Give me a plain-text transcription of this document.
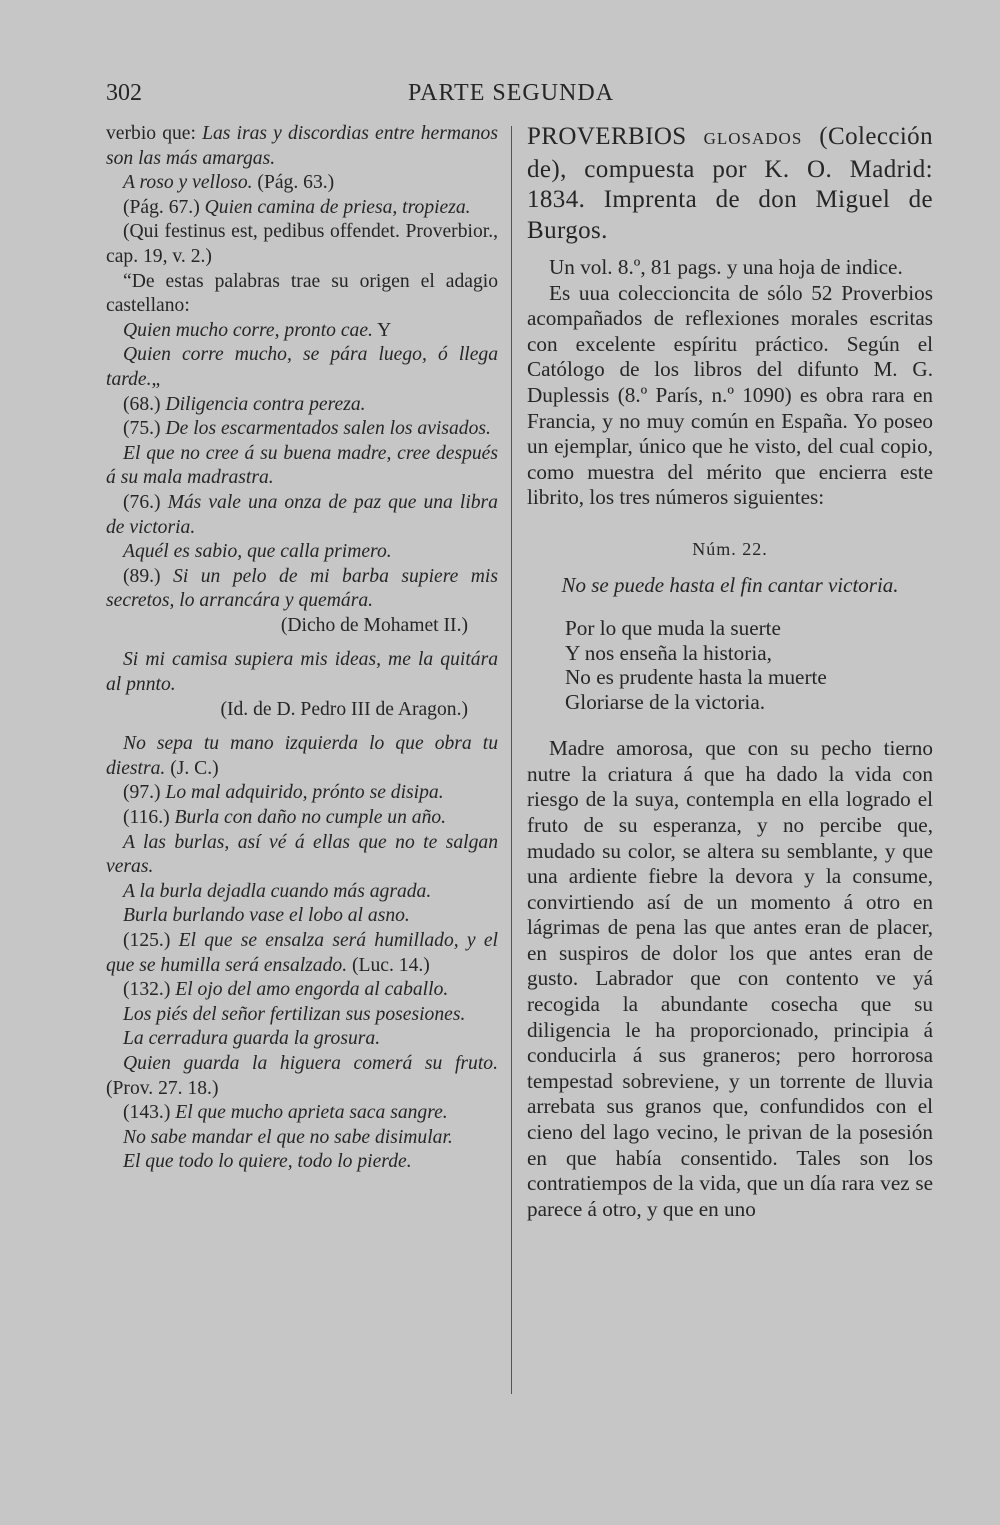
302	PARTE SEGUNDA

verbio que: Las iras y discordias entre hermanos son las más amargas.

A roso y velloso. (Pág. 63.)

(Pág. 67.) Quien camina de priesa, tropieza.

(Qui festinus est, pedibus offendet. Proverbior., cap. 19, v. 2.)

“De estas palabras trae su origen el adagio castellano:

Quien mucho corre, pronto cae. Y

Quien corre mucho, se pára luego, ó llega tarde.„

(68.) Diligencia contra pereza.

(75.) De los escarmentados salen los avisados.

El que no cree á su buena madre, cree después á su mala madrastra.

(76.) Más vale una onza de paz que una libra de victoria.

Aquél es sabio, que calla primero.

(89.) Si un pelo de mi barba supiere mis secretos, lo arrancára y quemára.

(Dicho de Mohamet II.)

Si mi camisa supiera mis ideas, me la quitára al pnnto.

(Id. de D. Pedro III de Aragon.)

No sepa tu mano izquierda lo que obra tu diestra. (J. C.)

(97.) Lo mal adquirido, prónto se disipa.

(116.) Burla con daño no cumple un año.

A las burlas, así vé á ellas que no te salgan veras.

A la burla dejadla cuando más agrada.

Burla burlando vase el lobo al asno.

(125.) El que se ensalza será humillado, y el que se humilla será ensalzado. (Luc. 14.)

(132.) El ojo del amo engorda al caballo.

Los piés del señor fertilizan sus posesiones.

La cerradura guarda la grosura.

Quien guarda la higuera comerá su fruto. (Prov. 27. 18.)

(143.) El que mucho aprieta saca sangre.

No sabe mandar el que no sabe disimular.

El que todo lo quiere, todo lo pierde.

PROVERBIOS GLOSADOS (Colección de), compuesta por K. O. Madrid: 1834. Imprenta de don Miguel de Burgos.

Un vol. 8.º, 81 pags. y una hoja de indice.

Es uua coleccioncita de sólo 52 Proverbios acompañados de reflexiones morales escritas con excelente espíritu práctico. Según el Católogo de los libros del difunto M. G. Duplessis (8.º París, n.º 1090) es obra rara en Francia, y no muy común en España. Yo poseo un ejemplar, único que he visto, del cual copio, como muestra del mérito que encierra este librito, los tres números siguientes:

Núm. 22.

No se puede hasta el fin cantar victoria.

Por lo que muda la suerte

Y nos enseña la historia,

No es prudente hasta la muerte

Gloriarse de la victoria.

Madre amorosa, que con su pecho tierno nutre la criatura á que ha dado la vida con riesgo de la suya, contempla en ella logrado el fruto de su esperanza, y no percibe que, mudado su color, se altera su semblante, y que una ardiente fiebre la devora y la consume, convirtiendo así de un momento á otro en lágrimas de pena las que antes eran de placer, en suspiros de dolor los que antes eran de gusto. Labrador que con contento ve yá recogida la abundante cosecha que su diligencia le ha proporcionado, principia á conducirla á sus graneros; pero horrorosa tempestad sobreviene, y un torrente de lluvia arrebata sus granos que, confundidos con el cieno del lago vecino, le privan de la posesión en que había consentido. Tales son los contratiempos de la vida, que un día rara vez se parece á otro, y que en uno
